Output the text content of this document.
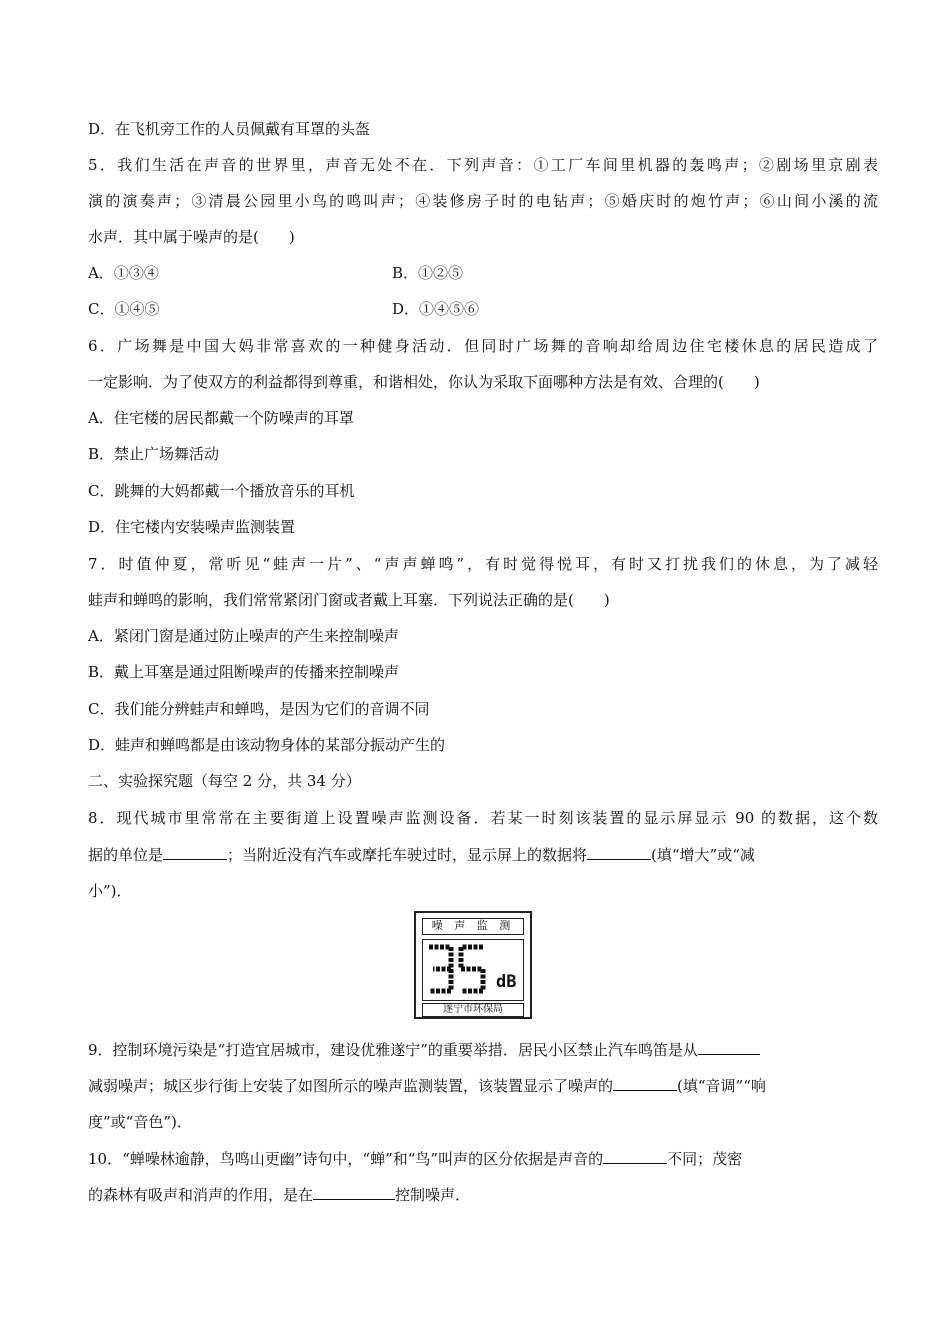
D．在飞机旁工作的人员佩戴有耳罩的头盔
5．我们生活在声音的世界里，声音无处不在．下列声音：①工厂车间里机器的轰鸣声；②剧场里京剧表
演的演奏声；③清晨公园里小鸟的鸣叫声；④装修房子时的电钻声；⑤婚庆时的炮竹声；⑥山间小溪的流
水声．其中属于噪声的是(　　)
A．①③④	B．①②⑤
C．①④⑤	D．①④⑤⑥
6．广场舞是中国大妈非常喜欢的一种健身活动．但同时广场舞的音响却给周边住宅楼休息的居民造成了
一定影响．为了使双方的利益都得到尊重，和谐相处，你认为采取下面哪种方法是有效、合理的(　　)
A．住宅楼的居民都戴一个防噪声的耳罩
B．禁止广场舞活动
C．跳舞的大妈都戴一个播放音乐的耳机
D．住宅楼内安装噪声监测装置
7．时值仲夏，常听见“蛙声一片”、“声声蝉鸣”，有时觉得悦耳，有时又打扰我们的休息，为了减轻
蛙声和蝉鸣的影响，我们常常紧闭门窗或者戴上耳塞．下列说法正确的是(　　)
A．紧闭门窗是通过防止噪声的产生来控制噪声
B．戴上耳塞是通过阻断噪声的传播来控制噪声
C．我们能分辨蛙声和蝉鸣，是因为它们的音调不同
D．蛙声和蝉鸣都是由该动物身体的某部分振动产生的
二、实验探究题（每空 2 分，共 34 分）
8．现代城市里常常在主要街道上设置噪声监测设备．若某一时刻该装置的显示屏显示 90 的数据，这个数
据的单位是	；当附近没有汽车或摩托车驶过时，显示屏上的数据将	(填“增大”或“减
小”)．
噪 声 监 测
dB
遂宁市环保局
9．控制环境污染是“打造宜居城市，建设优雅遂宁”的重要举措．居民小区禁止汽车鸣笛是从
减弱噪声；城区步行街上安装了如图所示的噪声监测装置，该装置显示了噪声的	(填“音调”“响
度”或“音色”)．
10．“蝉噪林逾静，鸟鸣山更幽”诗句中，“蝉”和“鸟”叫声的区分依据是声音的	不同；茂密
的森林有吸声和消声的作用，是在	控制噪声．
